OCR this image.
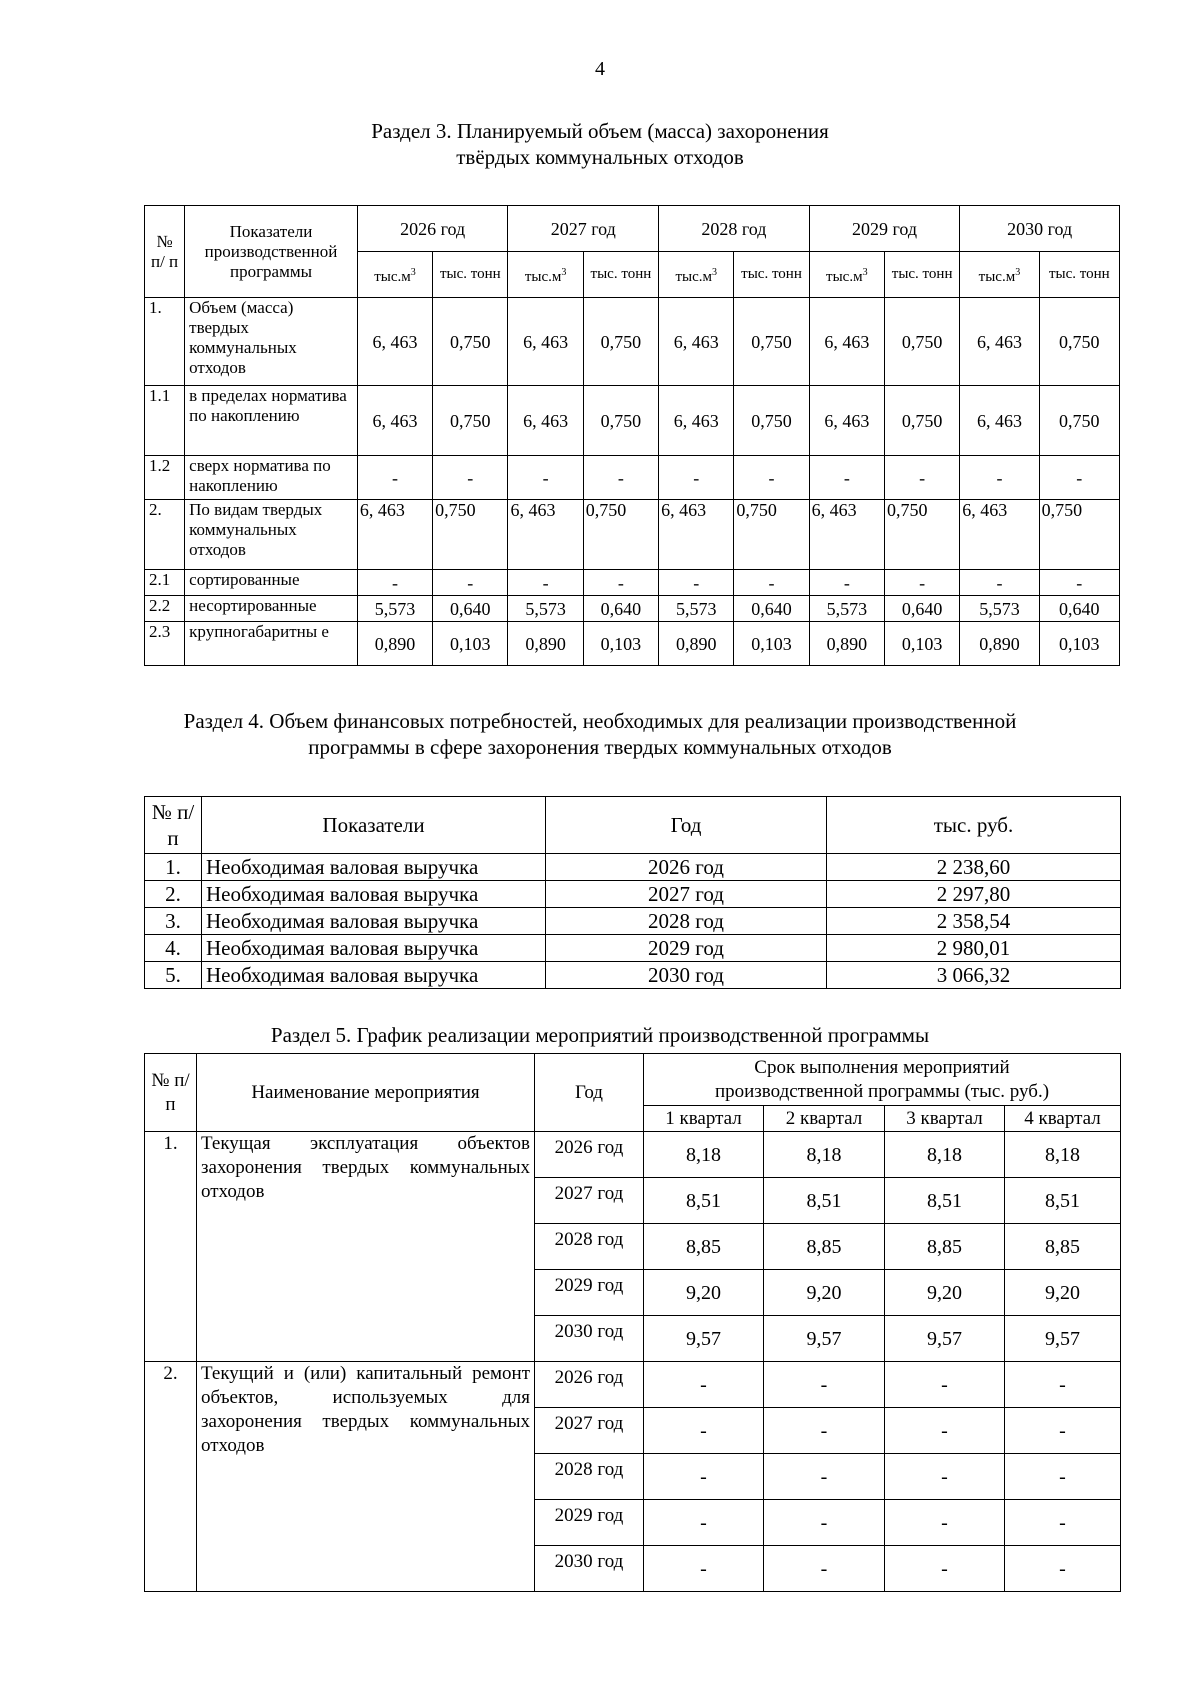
4
Раздел 3. Планируемый объем (масса) захоронения
твёрдых коммунальных отходов
№ п/ п	Показатели производственной программы	2026 год		2027 год		2028 год		2029 год		2030 год	
		$тыс.м^3$	тыс. тонн	$тыс.м^3$	тыс. тонн	$тыс.м^3$	тыс. тонн	$тыс.м^3$	тыс. тонн	$тыс.м^3$	тыс. тонн
1.	Объем (масса) твердых коммунальных отходов	6, 463	0,750	6, 463	0,750	6, 463	0,750	6, 463	0,750	6, 463	0,750
1.1	в пределах норматива по накоплению	6, 463	0,750	6, 463	0,750	6, 463	0,750	6, 463	0,750	6, 463	0,750
1.2	сверх норматива по накоплению	-	-	-	-	-	-	-	-	-	-
2.	По видам твердых коммунальных отходов	6, 463	0,750	6, 463	0,750	6, 463	0,750	6, 463	0,750	6, 463	0,750
2.1	сортированные	-	-	-	-	-	-	-	-	-	-
2.2	несортированные	5,573	0,640	5,573	0,640	5,573	0,640	5,573	0,640	5,573	0,640
2.3	крупногабаритны е	0,890	0,103	0,890	0,103	0,890	0,103	0,890	0,103	0,890	0,103
Раздел 4. Объем финансовых потребностей, необходимых для реализации производственной
программы в сфере захоронения твердых коммунальных отходов
№ п/п	Показатели	Год	тыс. руб.
1.	Необходимая валовая выручка	2026 год	2 238,60
2.	Необходимая валовая выручка	2027 год	2 297,80
3.	Необходимая валовая выручка	2028 год	2 358,54
4.	Необходимая валовая выручка	2029 год	2 980,01
5.	Необходимая валовая выручка	2030 год	3 066,32
Раздел 5. График реализации мероприятий производственной программы
№ п/п	Наименование мероприятия	Год	Срок выполнения мероприятий
производственной программы (тыс. руб.)			

			1 квартал	2 квартал	3 квартал	4 квартал
1.	Текущая эксплуатация объектов захоронения твердых коммунальных отходов	2026 год	8,18	8,18	8,18	8,18
		2027 год	8,51	8,51	8,51	8,51
		2028 год	8,85	8,85	8,85	8,85
		2029 год	9,20	9,20	9,20	9,20
		2030 год	9,57	9,57	9,57	9,57
2.	Текущий и (или) капитальный ремонт объектов, используемых для захоронения твердых коммунальных отходов	2026 год	-	-	-	-
		2027 год	-	-	-	-
		2028 год	-	-	-	-
		2029 год	-	-	-	-
		2030 год	-	-	-	-
